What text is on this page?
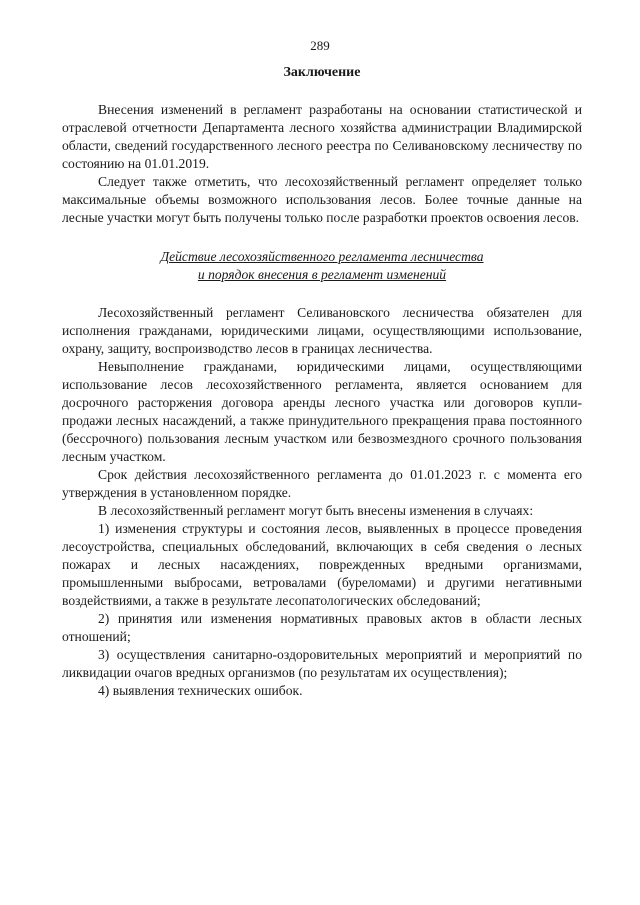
289
Заключение

Внесения изменений в регламент разработаны на основании статистической и отраслевой отчетности Департамента лесного хозяйства администрации Владимирской области, сведений государственного лесного реестра по Селивановскому лесничеству по состоянию на 01.01.2019.

Следует также отметить, что лесохозяйственный регламент определяет только максимальные объемы возможного использования лесов. Более точные данные на лесные участки могут быть получены только после разработки проектов освоения лесов.

Действие лесохозяйственного регламента лесничества
и порядок внесения в регламент изменений

Лесохозяйственный регламент Селивановского лесничества обязателен для исполнения гражданами, юридическими лицами, осуществляющими использование, охрану, защиту, воспроизводство лесов в границах лесничества.

Невыполнение гражданами, юридическими лицами, осуществляющими использование лесов лесохозяйственного регламента, является основанием для досрочного расторжения договора аренды лесного участка или договоров купли-продажи лесных насаждений, а также принудительного прекращения права постоянного (бессрочного) пользования лесным участком или безвозмездного срочного пользования лесным участком.

Срок действия лесохозяйственного регламента до 01.01.2023 г. с момента его утверждения в установленном порядке.

В лесохозяйственный регламент могут быть внесены изменения в случаях:

1) изменения структуры и состояния лесов, выявленных в процессе проведения лесоустройства, специальных обследований, включающих в себя сведения о лесных пожарах и лесных насаждениях, поврежденных вредными организмами, промышленными выбросами, ветровалами (буреломами) и другими негативными воздействиями, а также в результате лесопатологических обследований;

2) принятия или изменения нормативных правовых актов в области лесных отношений;

3) осуществления санитарно-оздоровительных мероприятий и мероприятий по ликвидации очагов вредных организмов (по результатам их осуществления);

4) выявления технических ошибок.
